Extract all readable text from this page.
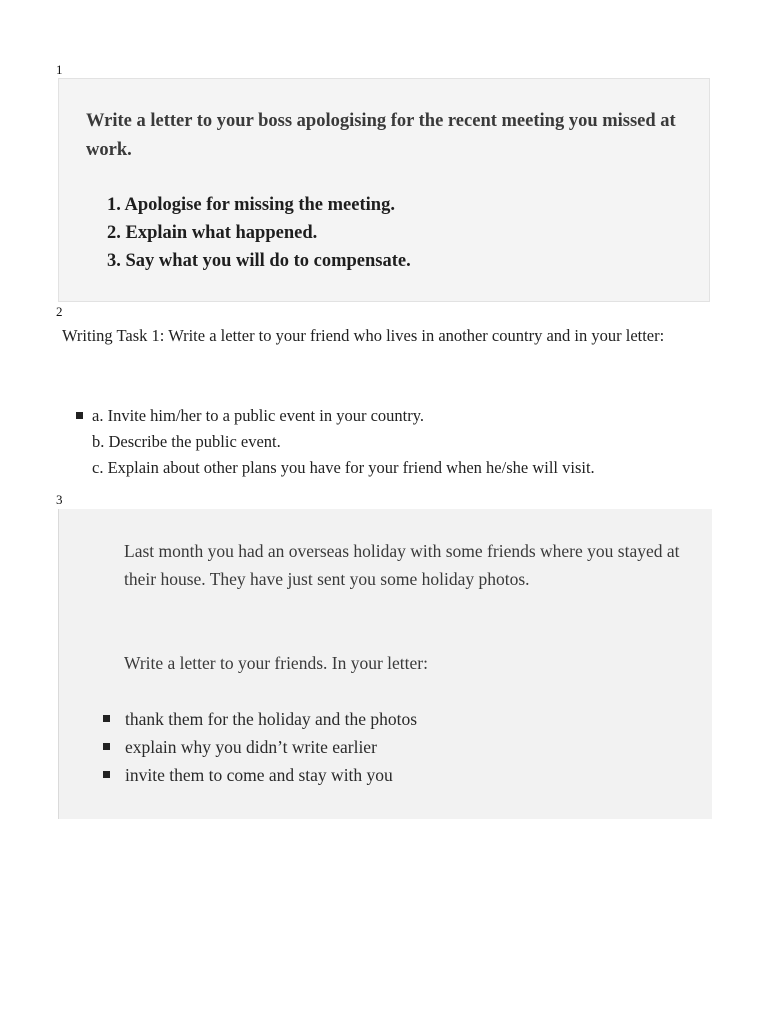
1
Write a letter to your boss apologising for the recent meeting you missed at work.
1. Apologise for missing the meeting.
2. Explain what happened.
3. Say what you will do to compensate.
2

Writing Task 1: Write a letter to your friend who lives in another country and in your letter:

a. Invite him/her to a public event in your country.
b. Describe the public event.
c. Explain about other plans you have for your friend when he/she will visit.
3

Last month you had an overseas holiday with some friends where you stayed at their house. They have just sent you some holiday photos.

Write a letter to your friends. In your letter:

thank them for the holiday and the photos
explain why you didn’t write earlier
invite them to come and stay with you
